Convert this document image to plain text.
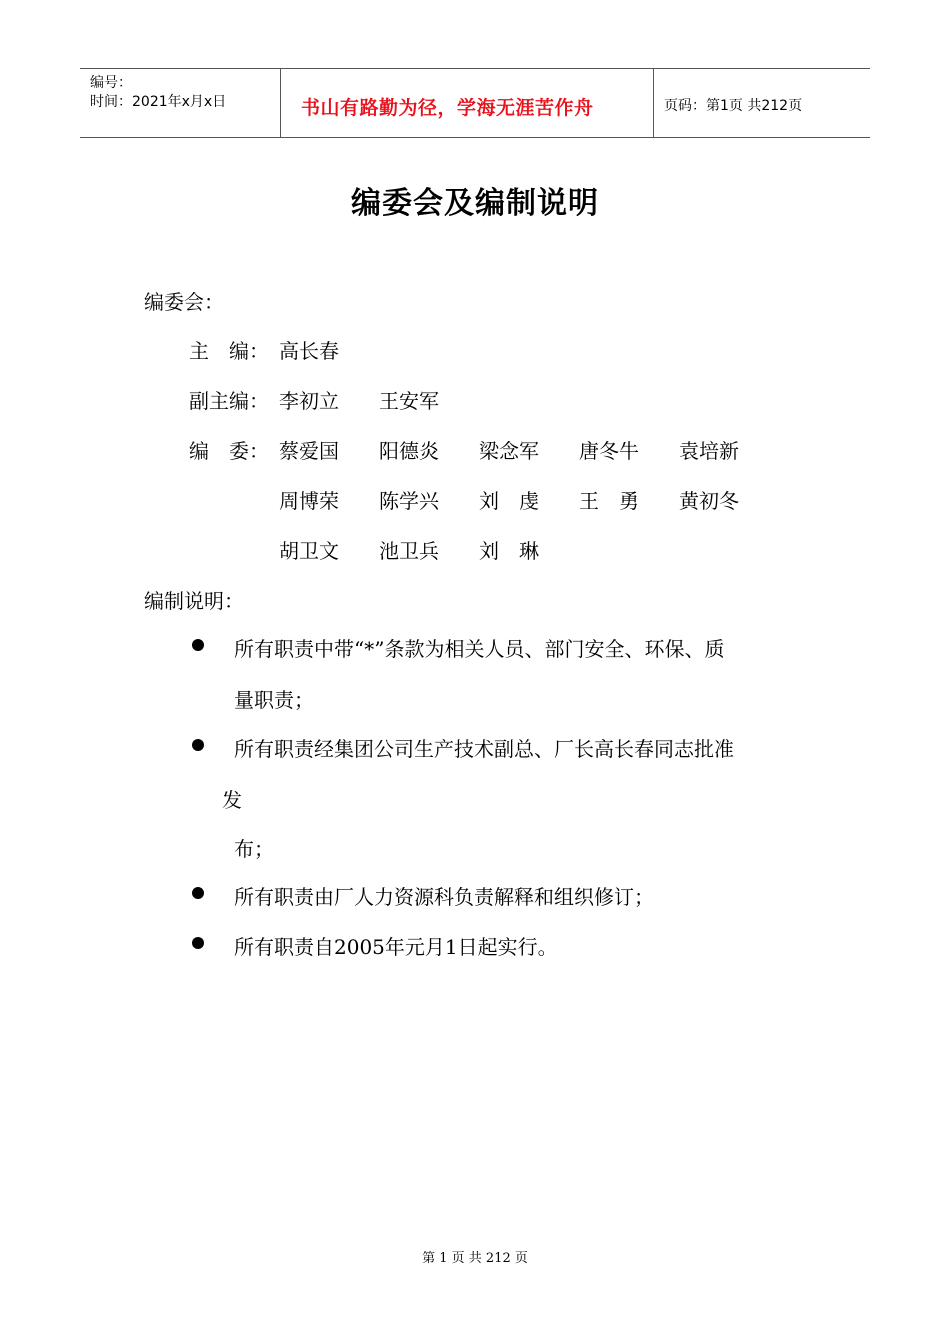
编号：
时间：2021年x月x日	书山有路勤为径，学海无涯苦作舟	页码：第1页 共212页
编委会及编制说明
编委会：
主　编： 高长春
副主编： 李初立 王安军
编　委： 蔡爱国 阳德炎 梁念军 唐冬牛 袁培新
周博荣 陈学兴 刘　虔 王　勇 黄初冬
胡卫文 池卫兵 刘　琳
编制说明：
所有职责中带“*”条款为相关人员、部门安全、环保、质
量职责；
所有职责经集团公司生产技术副总、厂长高长春同志批准
发
布；
所有职责由厂人力资源科负责解释和组织修订；
所有职责自2005年元月1日起实行。
第 1 页 共 212 页
